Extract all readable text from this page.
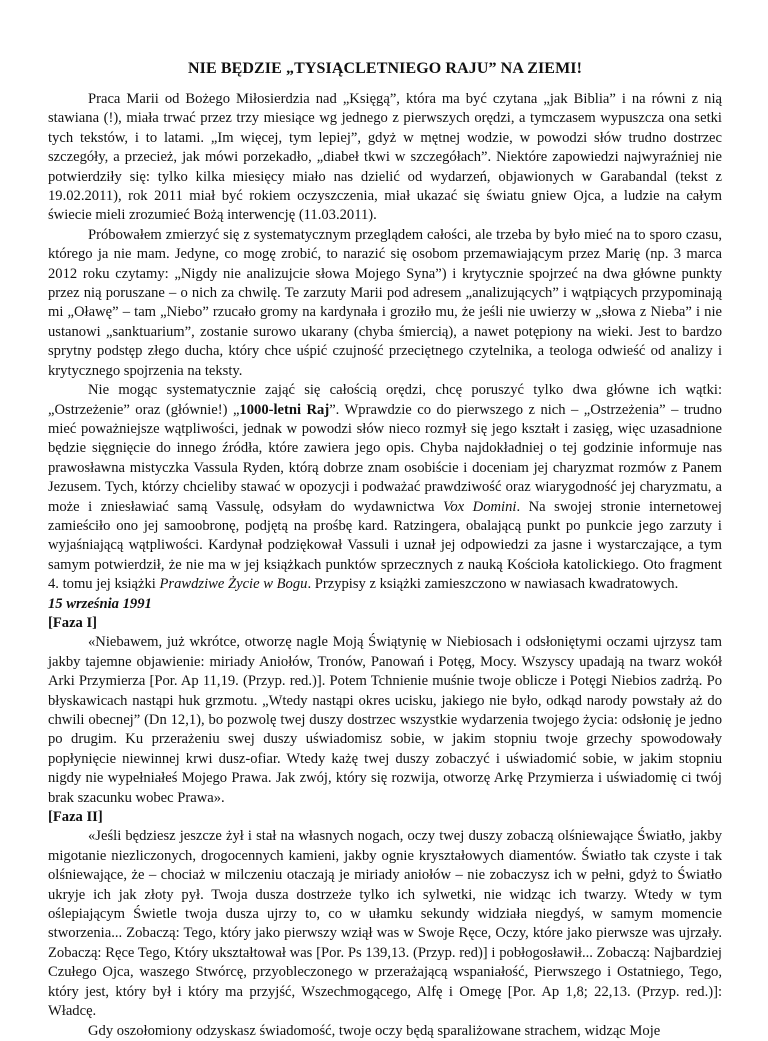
NIE BĘDZIE „TYSIĄCLETNIEGO RAJU” NA ZIEMI!

Praca Marii od Bożego Miłosierdzia nad „Księgą”, która ma być czytana „jak Biblia” i na równi z nią stawiana (!), miała trwać przez trzy miesiące wg jednego z pierwszych orędzi, a tymczasem wypuszcza ona setki tych tekstów, i to latami. „Im więcej, tym lepiej”, gdyż w mętnej wodzie, w powodzi słów trudno dostrzec szczegóły, a przecież, jak mówi porzekadło, „diabeł tkwi w szczegółach”. Niektóre zapowiedzi najwyraźniej nie potwierdziły się: tylko kilka miesięcy miało nas dzielić od wydarzeń, objawionych w Garabandal (tekst z 19.02.2011), rok 2011 miał być rokiem oczyszczenia, miał ukazać się światu gniew Ojca, a ludzie na całym świecie mieli zrozumieć Bożą interwencję (11.03.2011).

Próbowałem zmierzyć się z systematycznym przeglądem całości, ale trzeba by było mieć na to sporo czasu, którego ja nie mam. Jedyne, co mogę zrobić, to narazić się osobom przemawiającym przez Marię (np. 3 marca 2012 roku czytamy: „Nigdy nie analizujcie słowa Mojego Syna”) i krytycznie spojrzeć na dwa główne punkty przez nią poruszane – o nich za chwilę. Te zarzuty Marii pod adresem „analizujących” i wątpiących przypominają mi „Oławę” – tam „Niebo” rzucało gromy na kardynała i groziło mu, że jeśli nie uwierzy w „słowa z Nieba” i nie ustanowi „sanktuarium”, zostanie surowo ukarany (chyba śmiercią), a nawet potępiony na wieki. Jest to bardzo sprytny podstęp złego ducha, który chce uśpić czujność przeciętnego czytelnika, a teologa odwieść od analizy i krytycznego spojrzenia na teksty.

Nie mogąc systematycznie zająć się całością orędzi, chcę poruszyć tylko dwa główne ich wątki: „Ostrzeżenie” oraz (głównie!) „1000-letni Raj”. Wprawdzie co do pierwszego z nich – „Ostrzeżenia” – trudno mieć poważniejsze wątpliwości, jednak w powodzi słów nieco rozmył się jego kształt i zasięg, więc uzasadnione będzie sięgnięcie do innego źródła, które zawiera jego opis. Chyba najdokładniej o tej godzinie informuje nas prawosławna mistyczka Vassula Ryden, którą dobrze znam osobiście i doceniam jej charyzmat rozmów z Panem Jezusem. Tych, którzy chcieliby stawać w opozycji i podważać prawdziwość oraz wiarygodność jej charyzmatu, a może i zniesławiać samą Vassulę, odsyłam do wydawnictwa Vox Domini. Na swojej stronie internetowej zamieściło ono jej samoobronę, podjętą na prośbę kard. Ratzingera, obalającą punkt po punkcie jego zarzuty i wyjaśniającą wątpliwości. Kardynał podziękował Vassuli i uznał jej odpowiedzi za jasne i wystarczające, a tym samym potwierdził, że nie ma w jej książkach punktów sprzecznych z nauką Kościoła katolickiego. Oto fragment 4. tomu jej książki Prawdziwe Życie w Bogu. Przypisy z książki zamieszczono w nawiasach kwadratowych.

15 września 1991

[Faza I]

«Niebawem, już wkrótce, otworzę nagle Moją Świątynię w Niebiosach i odsłoniętymi oczami ujrzysz tam jakby tajemne objawienie: miriady Aniołów, Tronów, Panowań i Potęg, Mocy. Wszyscy upadają na twarz wokół Arki Przymierza [Por. Ap 11,19. (Przyp. red.)]. Potem Tchnienie muśnie twoje oblicze i Potęgi Niebios zadrżą. Po błyskawicach nastąpi huk grzmotu. „Wtedy nastąpi okres ucisku, jakiego nie było, odkąd narody powstały aż do chwili obecnej” (Dn 12,1), bo pozwolę twej duszy dostrzec wszystkie wydarzenia twojego życia: odsłonię je jedno po drugim. Ku przerażeniu swej duszy uświadomisz sobie, w jakim stopniu twoje grzechy spowodowały popłynięcie niewinnej krwi dusz-ofiar. Wtedy każę twej duszy zobaczyć i uświadomić sobie, w jakim stopniu nigdy nie wypełniałeś Mojego Prawa. Jak zwój, który się rozwija, otworzę Arkę Przymierza i uświadomię ci twój brak szacunku wobec Prawa».

[Faza II]

«Jeśli będziesz jeszcze żył i stał na własnych nogach, oczy twej duszy zobaczą olśniewające Światło, jakby migotanie niezliczonych, drogocennych kamieni, jakby ognie kryształowych diamentów. Światło tak czyste i tak olśniewające, że – chociaż w milczeniu otaczają je miriady aniołów – nie zobaczysz ich w pełni, gdyż to Światło ukryje ich jak złoty pył. Twoja dusza dostrzeże tylko ich sylwetki, nie widząc ich twarzy. Wtedy w tym oślepiającym Świetle twoja dusza ujrzy to, co w ułamku sekundy widziała niegdyś, w samym momencie stworzenia... Zobaczą: Tego, który jako pierwszy wziął was w Swoje Ręce, Oczy, które jako pierwsze was ujrzały. Zobaczą: Ręce Tego, Który ukształtował was [Por. Ps 139,13. (Przyp. red)] i pobłogosławił... Zobaczą: Najbardziej Czułego Ojca, waszego Stwórcę, przyobleczonego w przerażającą wspaniałość, Pierwszego i Ostatniego, Tego, który jest, który był i który ma przyjść, Wszechmogącego, Alfę i Omegę [Por. Ap 1,8; 22,13. (Przyp. red.)]: Władcę.

Gdy oszołomiony odzyskasz świadomość, twoje oczy będą sparaliżowane strachem, widząc Moje
